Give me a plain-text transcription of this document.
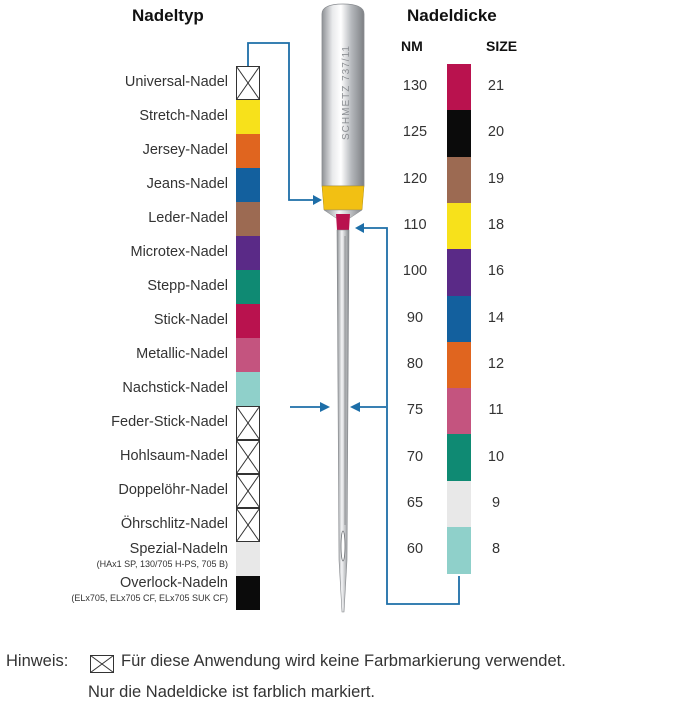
Nadeltyp	Nadeldicke
NM	SIZE
Universal-Nadel
Stretch-Nadel
Jersey-Nadel
Jeans-Nadel
Leder-Nadel
Microtex-Nadel
Stepp-Nadel
Stick-Nadel
Metallic-Nadel
Nachstick-Nadel
Feder-Stick-Nadel
Hohlsaum-Nadel
Doppelöhr-Nadel
Öhrschlitz-Nadel
Spezial-Nadeln
(HAx1 SP, 130/705 H-PS, 705 B)
Overlock-Nadeln
(ELx705, ELx705 CF, ELx705 SUK CF)
130
125
120
110
100
90
80
75
70
65
60
21
20
19
18
16
14
12
11
10
9
8
SCHMETZ 737/11
Hinweis: ☒ Für diese Anwendung wird keine Farbmarkierung verwendet.
Nur die Nadeldicke ist farblich markiert.
